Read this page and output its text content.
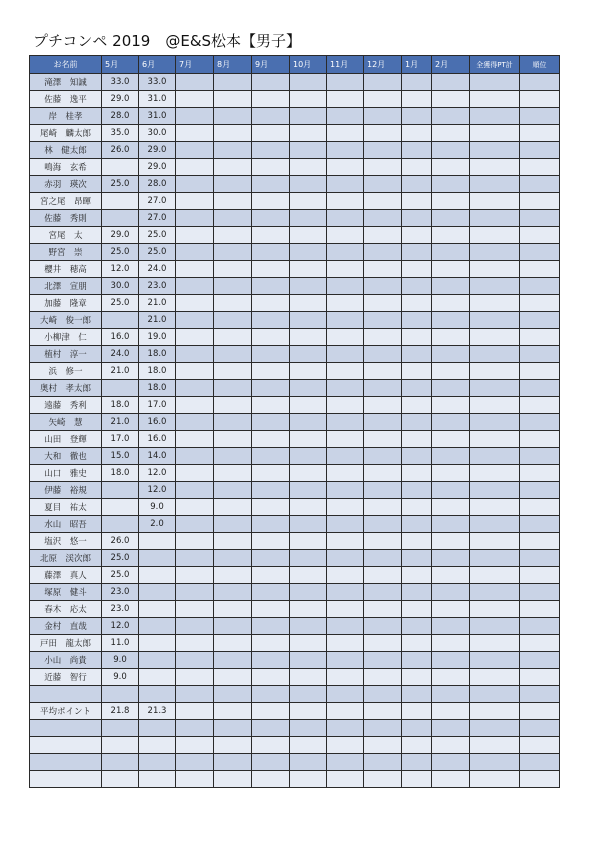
プチコンペ 2019　@E&S松本【男子】
お名前	5月	6月	7月	8月	9月	10月	11月	12月	1月	2月	全獲得PT計	順位
滝澤　知誠	33.0	33.0										
佐藤　逸平	29.0	31.0										
岸　桂孝	28.0	31.0										
尾崎　麟太郎	35.0	30.0										
林　健太郎	26.0	29.0										
鳴海　玄希		29.0										
赤羽　瑛次	25.0	28.0										
宮之尾　昂暉		27.0										
佐藤　秀則		27.0										
宮尾　太	29.0	25.0										
野宮　崇	25.0	25.0										
櫻井　穂高	12.0	24.0										
北澤　宣朋	30.0	23.0										
加藤　隆章	25.0	21.0										
大崎　俊一郎		21.0										
小柳津　仁	16.0	19.0										
植村　淳一	24.0	18.0										
浜　修一	21.0	18.0										
奥村　孝太郎		18.0										
遠藤　秀利	18.0	17.0										
矢崎　慧	21.0	16.0										
山田　登輝	17.0	16.0										
大和　徹也	15.0	14.0										
山口　雅史	18.0	12.0										
伊藤　裕規		12.0										
夏目　祐太		9.0										
水山　昭吾		2.0										
塩沢　悠一	26.0											
北原　渓次郎	25.0											
藤澤　真人	25.0											
塚原　健斗	23.0											
春木　応太	23.0											
金村　直哉	12.0											
戸田　龍太郎	11.0											
小山　尚貴	9.0											
近藤　智行	9.0											

平均ポイント	21.8	21.3										
